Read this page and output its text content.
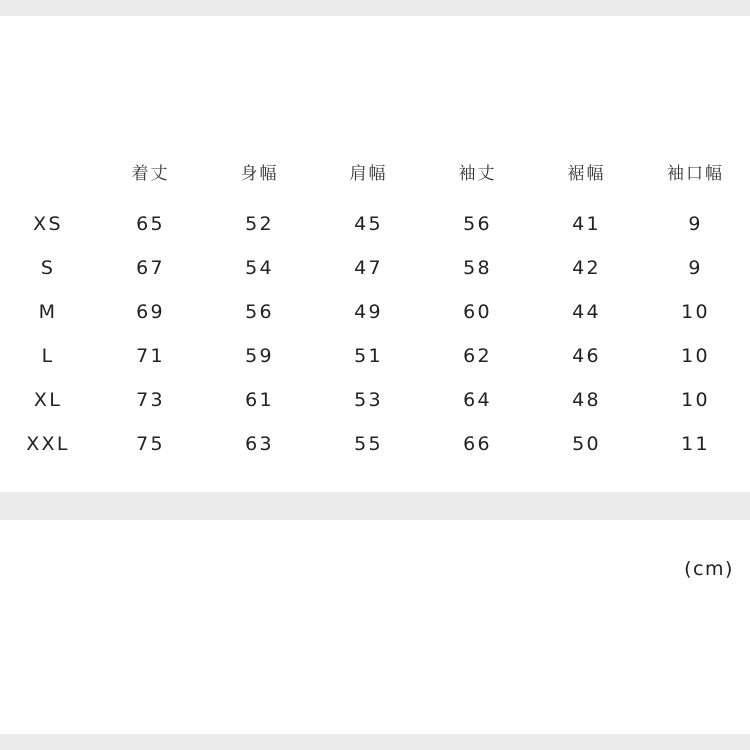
	着丈	身幅	肩幅	袖丈	裾幅	袖口幅
XS	65	52	45	56	41	9
S	67	54	47	58	42	9
M	69	56	49	60	44	10
L	71	59	51	62	46	10
XL	73	61	53	64	48	10
XXL	75	63	55	66	50	11
(cm)
